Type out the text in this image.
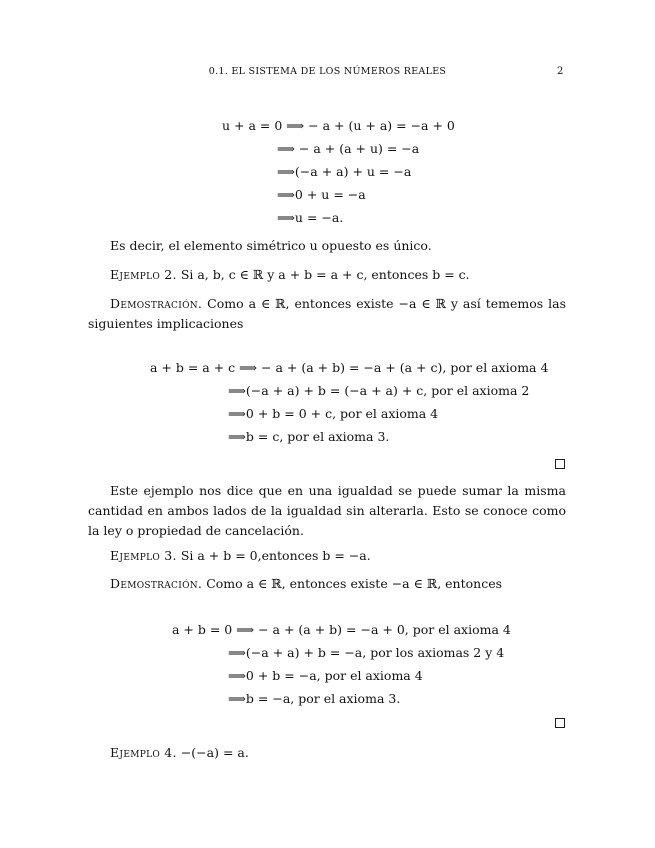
0.1. EL SISTEMA DE LOS NÚMEROS REALES	2
u + a = 0 ⟹ − a + (u + a) = −a + 0
⟹ − a + (a + u) = −a
⟹(−a + a) + u = −a
⟹0 + u = −a
⟹u = −a.
Es decir, el elemento simétrico u opuesto es único.
Ejemplo 2. Si a, b, c ∈ ℝ y a + b = a + c, entonces b = c.
Demostración. Como a ∈ ℝ, entonces existe −a ∈ ℝ y así tememos las siguientes implicaciones
a + b = a + c ⟹ − a + (a + b) = −a + (a + c), por el axioma 4
⟹(−a + a) + b = (−a + a) + c, por el axioma 2
⟹0 + b = 0 + c, por el axioma 4
⟹b = c, por el axioma 3.
Este ejemplo nos dice que en una igualdad se puede sumar la misma cantidad en ambos lados de la igualdad sin alterarla. Esto se conoce como la ley o propiedad de cancelación.
Ejemplo 3. Si a + b = 0,entonces b = −a.
Demostración. Como a ∈ ℝ, entonces existe −a ∈ ℝ, entonces
a + b = 0 ⟹ − a + (a + b) = −a + 0, por el axioma 4
⟹(−a + a) + b = −a, por los axiomas 2 y 4
⟹0 + b = −a, por el axioma 4
⟹b = −a, por el axioma 3.
Ejemplo 4. −(−a) = a.
